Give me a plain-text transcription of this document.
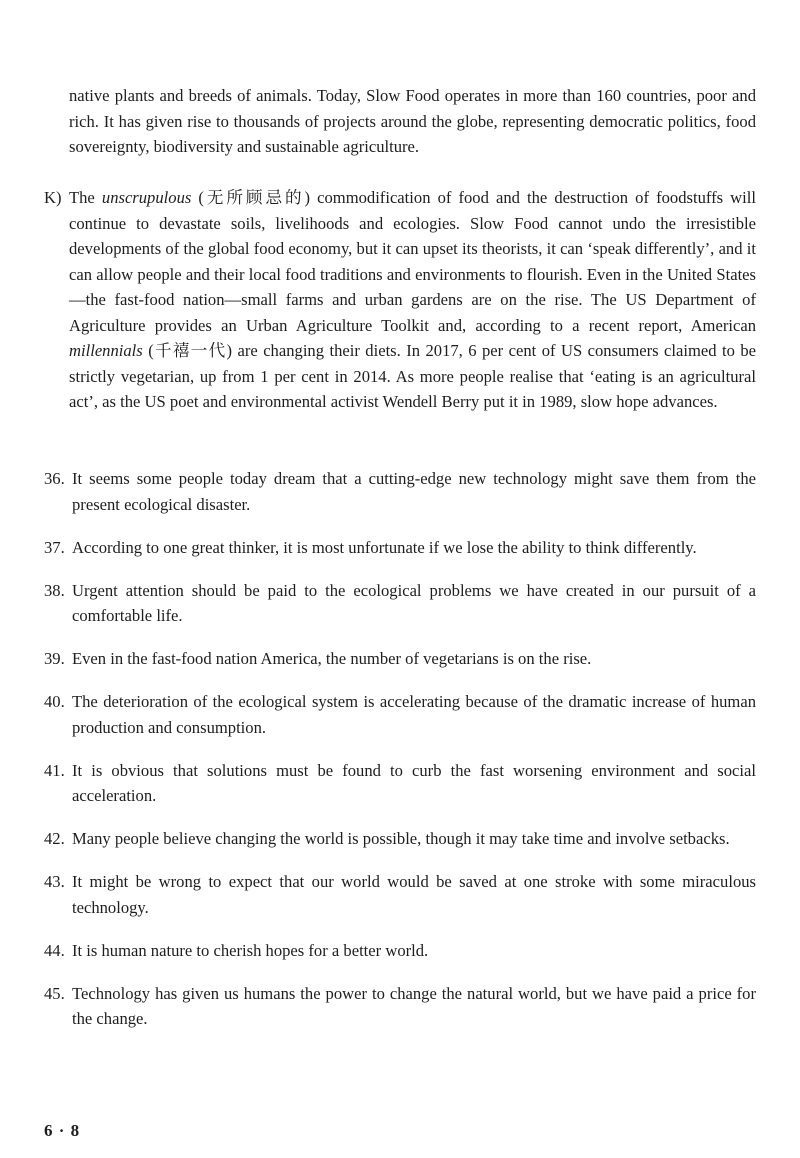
native plants and breeds of animals. Today, Slow Food operates in more than 160 countries, poor and rich. It has given rise to thousands of projects around the globe, representing democratic politics, food sovereignty, biodiversity and sustainable agriculture.

K) The unscrupulous (无所顾忌的) commodification of food and the destruction of foodstuffs will continue to devastate soils, livelihoods and ecologies. Slow Food cannot undo the irresistible developments of the global food economy, but it can upset its theorists, it can ‘speak differently’, and it can allow people and their local food traditions and environments to flourish. Even in the United States—the fast-food nation—small farms and urban gardens are on the rise. The US Department of Agriculture provides an Urban Agriculture Toolkit and, according to a recent report, American millennials (千禧一代) are changing their diets. In 2017, 6 per cent of US consumers claimed to be strictly vegetarian, up from 1 per cent in 2014. As more people realise that ‘eating is an agricultural act’, as the US poet and environmental activist Wendell Berry put it in 1989, slow hope advances.

36. It seems some people today dream that a cutting-edge new technology might save them from the present ecological disaster.
37. According to one great thinker, it is most unfortunate if we lose the ability to think differently.
38. Urgent attention should be paid to the ecological problems we have created in our pursuit of a comfortable life.
39. Even in the fast-food nation America, the number of vegetarians is on the rise.
40. The deterioration of the ecological system is accelerating because of the dramatic increase of human production and consumption.
41. It is obvious that solutions must be found to curb the fast worsening environment and social acceleration.
42. Many people believe changing the world is possible, though it may take time and involve setbacks.
43. It might be wrong to expect that our world would be saved at one stroke with some miraculous technology.
44. It is human nature to cherish hopes for a better world.
45. Technology has given us humans the power to change the natural world, but we have paid a price for the change.
6 · 8
